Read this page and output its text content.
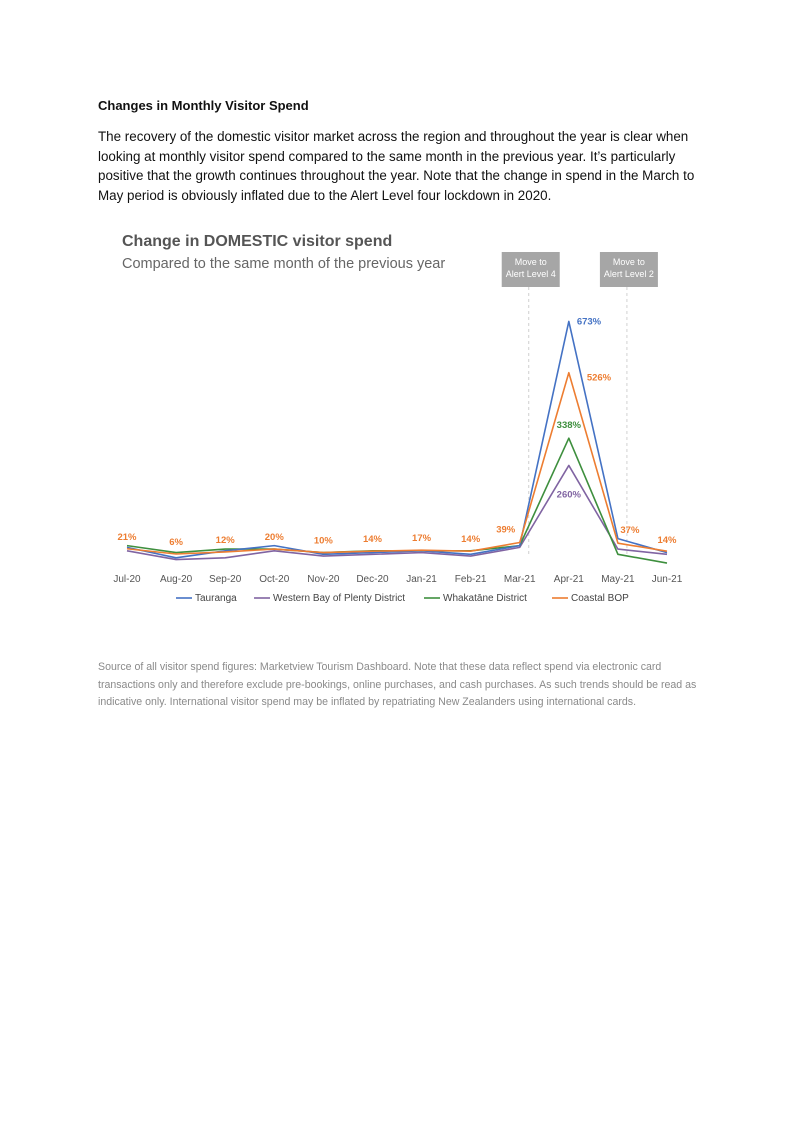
Changes in Monthly Visitor Spend
The recovery of the domestic visitor market across the region and throughout the year is clear when looking at monthly visitor spend compared to the same month in the previous year. It’s particularly positive that the growth continues throughout the year. Note that the change in spend in the March to May period is obviously inflated due to the Alert Level four lockdown in 2020.
Change in DOMESTIC visitor spend
Compared to the same month of the previous year	Move to
Alert Level 4
Move to
Alert Level 2
Jul-20 Aug-20 Sep-20 Oct-20 Nov-20 Dec-20 Jan-21 Feb-21 Mar-21 Apr-21 May-21 Jun-21
21%	6%	12%	20%	10%	14%	17%	14%
39%
673%
526%
338%
260%
37%
14%
Tauranga	Western Bay of Plenty District	Whakatāne District	Coastal BOP
Source of all visitor spend figures: Marketview Tourism Dashboard. Note that these data reflect spend via electronic card transactions only and therefore exclude pre-bookings, online purchases, and cash purchases. As such trends should be read as indicative only. International visitor spend may be inflated by repatriating New Zealanders using international cards.
